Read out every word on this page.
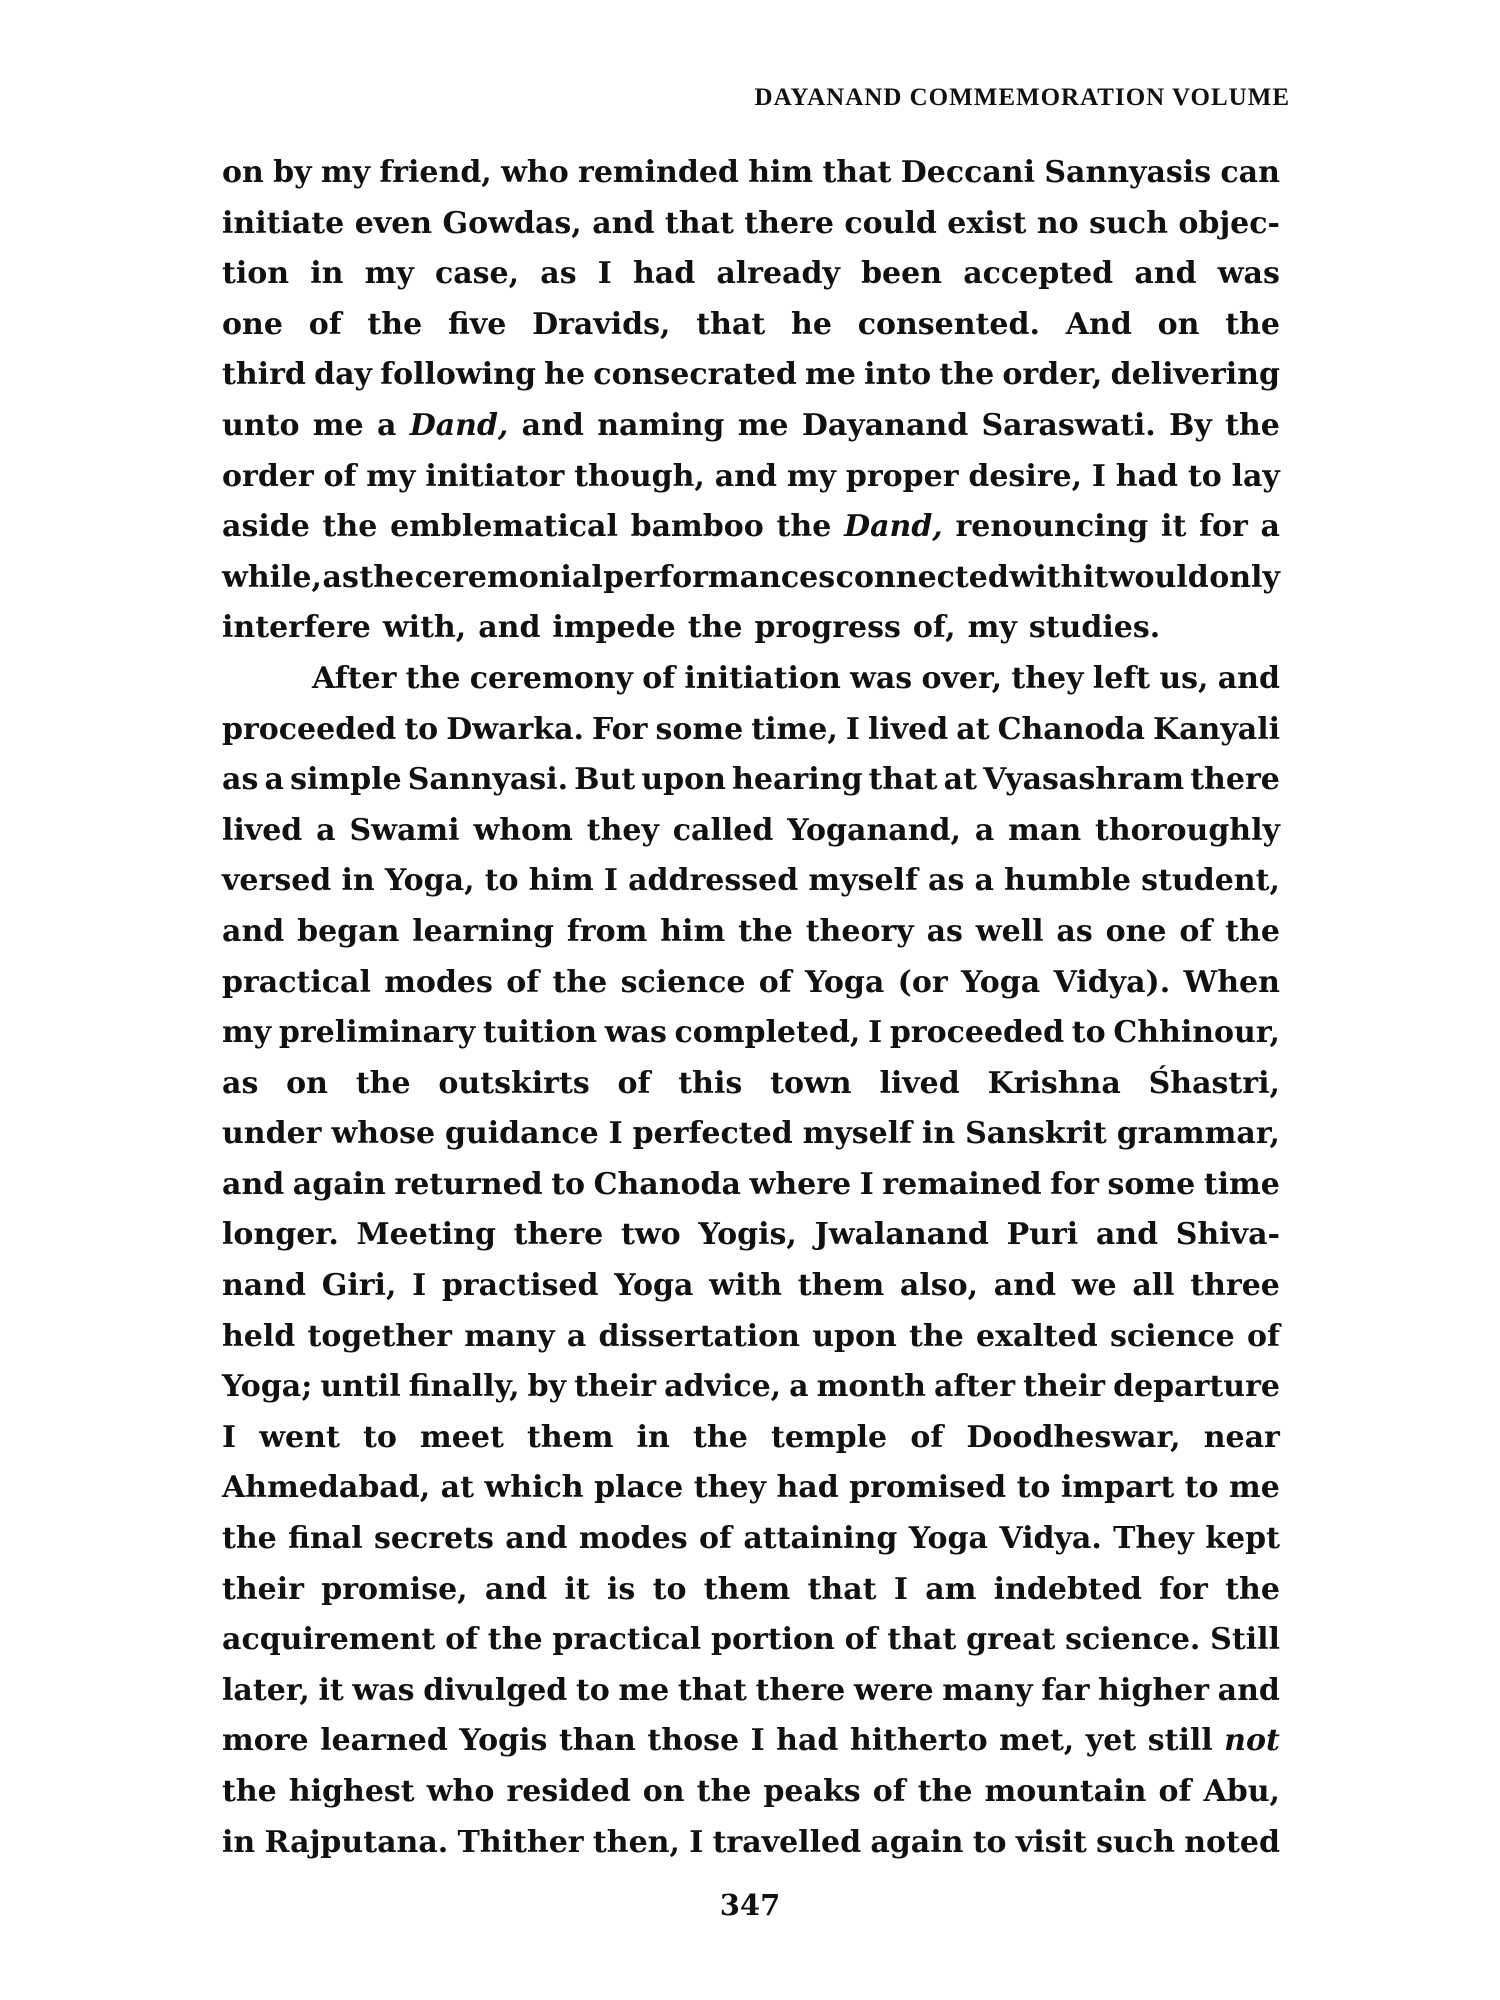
DAYANAND COMMEMORATION VOLUME
on by my friend, who reminded him that Deccani Sannyasis can
initiate even Gowdas, and that there could exist no such objec-
tion in my case, as I had already been accepted and was
one of the five Dravids, that he consented. And on the
third day following he consecrated me into the order, delivering
unto me a Dand, and naming me Dayanand Saraswati. By the
order of my initiator though, and my proper desire, I had to lay
aside the emblematical bamboo the Dand, renouncing it for a
while, as the ceremonial performances connected with it would only
interfere with, and impede the progress of, my studies.
After the ceremony of initiation was over, they left us, and
proceeded to Dwarka. For some time, I lived at Chanoda Kanyali
as a simple Sannyasi. But upon hearing that at Vyasashram there
lived a Swami whom they called Yoganand, a man thoroughly
versed in Yoga, to him I addressed myself as a humble student,
and began learning from him the theory as well as one of the
practical modes of the science of Yoga (or Yoga Vidya). When
my preliminary tuition was completed, I proceeded to Chhinour,
as on the outskirts of this town lived Krishna Śhastri,
under whose guidance I perfected myself in Sanskrit grammar,
and again returned to Chanoda where I remained for some time
longer. Meeting there two Yogis, Jwalanand Puri and Shiva-
nand Giri, I practised Yoga with them also, and we all three
held together many a dissertation upon the exalted science of
Yoga; until finally, by their advice, a month after their departure
I went to meet them in the temple of Doodheswar, near
Ahmedabad, at which place they had promised to impart to me
the final secrets and modes of attaining Yoga Vidya. They kept
their promise, and it is to them that I am indebted for the
acquirement of the practical portion of that great science. Still
later, it was divulged to me that there were many far higher and
more learned Yogis than those I had hitherto met, yet still not
the highest who resided on the peaks of the mountain of Abu,
in Rajputana. Thither then, I travelled again to visit such noted
347
